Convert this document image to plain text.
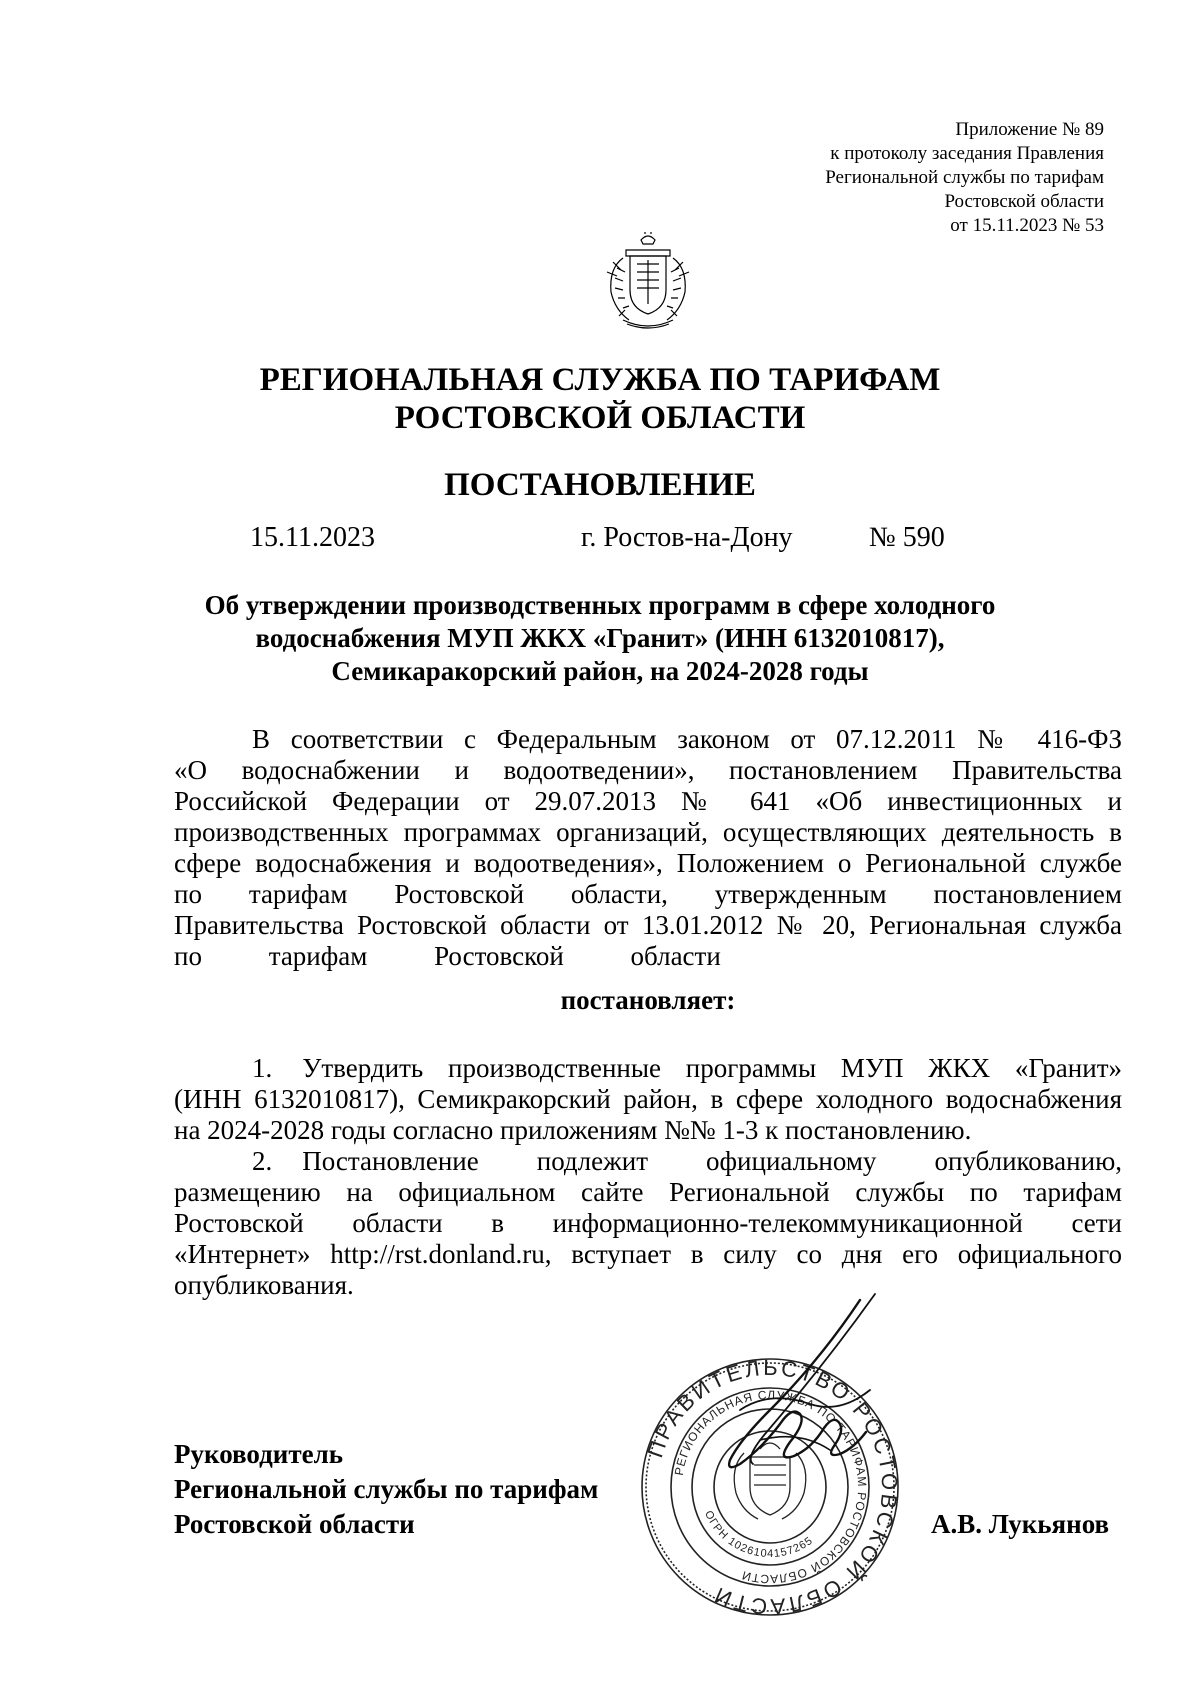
Приложение № 89
к протоколу заседания Правления
Региональной службы по тарифам
Ростовской области
от 15.11.2023 № 53
РЕГИОНАЛЬНАЯ СЛУЖБА ПО ТАРИФАМ
РОСТОВСКОЙ ОБЛАСТИ
ПОСТАНОВЛЕНИЕ
15.11.2023	г. Ростов-на-Дону	№ 590
Об утверждении производственных программ в сфере холодного
водоснабжения МУП ЖКХ «Гранит» (ИНН 6132010817),
Семикаракорский район, на 2024-2028 годы
В соответствии с Федеральным законом от 07.12.2011 № 416-ФЗ
«О водоснабжении и водоотведении», постановлением Правительства
Российской Федерации от 29.07.2013 № 641 «Об инвестиционных и
производственных программах организаций, осуществляющих деятельность в
сфере водоснабжения и водоотведения», Положением о Региональной службе
по тарифам Ростовской области, утвержденным постановлением
Правительства Ростовской области от 13.01.2012 № 20, Региональная служба
по тарифам Ростовской области
постановляет:
1. Утвердить производственные программы МУП ЖКХ «Гранит»
(ИНН 6132010817), Семикракорский район, в сфере холодного водоснабжения
на 2024-2028 годы согласно приложениям №№ 1-3 к постановлению.
2. Постановление подлежит официальному опубликованию,
размещению на официальном сайте Региональной службы по тарифам
Ростовской области в информационно-телекоммуникационной сети
«Интернет» http://rst.donland.ru, вступает в силу со дня его официального
опубликования.
Руководитель
Региональной службы по тарифам
Ростовской области
ПРАВИТЕЛЬСТВО РОСТОВСКОЙ ОБЛАСТИ
РЕГИОНАЛЬНАЯ СЛУЖБА ПО ТАРИФАМ РОСТОВСКОЙ ОБЛАСТИ
ОГРН 1026104157265
А.В. Лукьянов
